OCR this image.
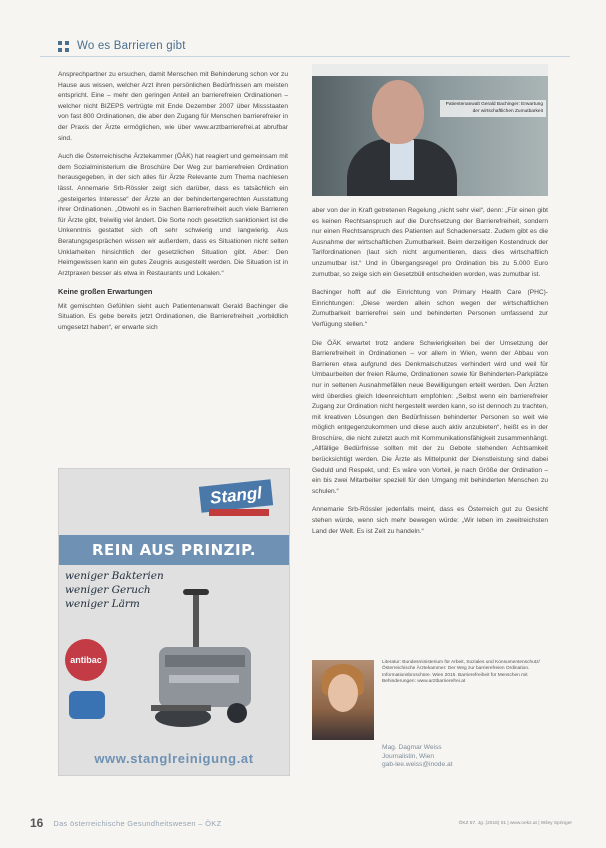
Wo es Barrieren gibt

Ansprechpartner zu ersuchen, damit Menschen mit Behinderung schon vor zu Hause aus wissen, welcher Arzt ihren persönlichen Bedürfnissen am meisten entspricht. Eine – mehr den geringen Anteil an barrierefreien Ordinationen – welcher nicht BIZEPS vertrügte mit Ende Dezember 2007 über Missstaaten von fast 800 Ordinationen, die aber den Zugang für Menschen barrierefreier in der Praxis der Ärzte ermöglichen, wie über www.arztbarrierefrei.at abrufbar sind.

Auch die Österreichische Ärztekammer (ÖÄK) hat reagiert und gemeinsam mit dem Sozialministerium die Broschüre Der Weg zur barrierefreien Ordination herausgegeben, in der sich alles für Ärzte Relevante zum Thema nachlesen lässt. Annemarie Srb-Rössler zeigt sich darüber, dass es tatsächlich ein „gesteigertes Interesse“ der Ärzte an der behindertengerechten Ausstattung ihrer Ordinationen. „Obwohl es in Sachen Barrierefreiheit auch viele Barrieren für Ärzte gibt, freiwilig viel ändert. Die Sorte noch gesetzlich sanktioniert ist die Unkenntnis gestattet sich oft sehr schwierig und langwierig. Aus Beratungsgesprächen wissen wir außerdem, dass es Situationen nicht selten Unklarheiten hinsichtlich der gesetzlichen Situation gibt. Aber: Den Heimgewissen kann ein gutes Zeugnis ausgestellt werden. Die Situation ist in Arztpraxen besser als etwa in Restaurants und Lokalen.“

Keine großen Erwartungen

Mit gemischten Gefühlen sieht auch Patientenanwalt Gerald Bachinger die Situation. Es gebe bereits jetzt Ordinationen, die Barrierefreiheit „vorbildlich umgesetzt haben“, er erwarte sich

Patientenanwalt Gerald Bachinger: Erwartung der wirtschaftlichen Zumutbarkeit

aber von der in Kraft getretenen Regelung „nicht sehr viel“, denn: „Für einen gibt es keinen Rechtsanspruch auf die Durchsetzung der Barrierefreiheit, sondern nur einen Rechtsanspruch des Patienten auf Schadenersatz. Zudem gibt es die Ausnahme der wirtschaftlichen Zumutbarkeit. Beim derzeitigen Kostendruck der Tarifordinationen (laut sich nicht argumentieren, dass dies wirtschaftlich unzumutbar ist.“ Und in Übergangsregel pro Ordination bis zu 5.000 Euro zumutbar, so zeige sich ein Gesetzbüll entscheiden worden, was zumutbar ist.

Bachinger hofft auf die Einrichtung von Primary Health Care (PHC)-Einrichtungen: „Diese werden allein schon wegen der wirtschaftlichen Zumutbarkeit barrierefrei sein und behinderten Personen umfassend zur Verfügung stellen.“

Die ÖÄK erwartet trotz andere Schwierigkeiten bei der Umsetzung der Barrierefreiheit in Ordinationen – vor allem in Wien, wenn der Abbau von Barrieren etwa aufgrund des Denkmalschutzes verhindert wird und weil für Umbaurbeiten der freien Räume, Ordinationen sowie für Behinderten-Parkplätze nur in seltenen Ausnahmefällen neue Bewilligungen erteilt werden. Den Ärzten wird überdies gleich Ideenreichtum empfohlen: „Selbst wenn ein barrierefreier Zugang zur Ordination nicht hergestellt werden kann, so ist dennoch zu trachten, mit kreativen Lösungen den Bedürfnissen behinderter Personen so weit wie möglich entgegenzukommen und diese auch aktiv anzubieten“, heißt es in der Broschüre, die nicht zuletzt auch mit Kommunikationsfähigkeit zusammenhängt. „Allfällige Bedürfnisse sollten mit der zu Gebote stehenden Achtsamkeit berücksichtigt werden. Die Ärzte als Mittelpunkt der Dienstleistung sind dabei Geduld und Respekt, und: Es wäre von Vorteil, je nach Größe der Ordination – ein bis zwei Mitarbeiter speziell für den Umgang mit behinderten Menschen zu schulen.“

Annemarie Srb-Rössler jedenfalls meint, dass es Österreich gut zu Gesicht stehen würde, wenn sich mehr bewegen würde: „Wir leben im zweitreichsten Land der Welt. Es ist Zeit zu handeln.“

Stangl
REIN AUS PRINZIP.
weniger Bakterien
weniger Geruch
weniger Lärm
antibac
www.stanglreinigung.at
Literatur: Bundesministerium für Arbeit, Soziales und Konsumentenschutz/Österreichische Ärztekammer: Der Weg zur barrierefreien Ordination. Informationsbroschüre. Wien 2015. Barrierefreiheit für Menschen mit Behinderungen: www.arztbarrierefrei.at
Mag. Dagmar Weiss
Journalistin, Wien
gab-lee.weiss@inode.at
16 Das österreichische Gesundheitswesen – ÖKZ	ÖKZ 57. Jg. (2016) 01 | www.oekz.at | Wiley Springer
